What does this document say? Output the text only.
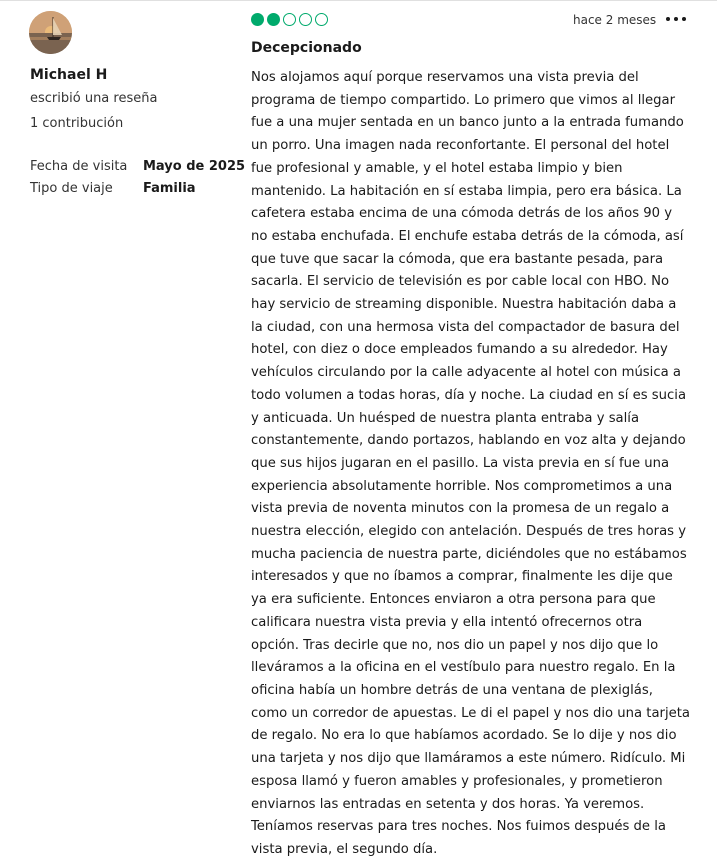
Michael H
escribió una reseña
1 contribución
Fecha de visita Mayo de 2025
Tipo de viaje Familia
hace 2 meses
Decepcionado
Nos alojamos aquí porque reservamos una vista previa del programa de tiempo compartido. Lo primero que vimos al llegar fue a una mujer sentada en un banco junto a la entrada fumando un porro. Una imagen nada reconfortante. El personal del hotel fue profesional y amable, y el hotel estaba limpio y bien mantenido. La habitación en sí estaba limpia, pero era básica. La cafetera estaba encima de una cómoda detrás de los años 90 y no estaba enchufada. El enchufe estaba detrás de la cómoda, así que tuve que sacar la cómoda, que era bastante pesada, para sacarla. El servicio de televisión es por cable local con HBO. No hay servicio de streaming disponible. Nuestra habitación daba a la ciudad, con una hermosa vista del compactador de basura del hotel, con diez o doce empleados fumando a su alrededor. Hay vehículos circulando por la calle adyacente al hotel con música a todo volumen a todas horas, día y noche. La ciudad en sí es sucia y anticuada. Un huésped de nuestra planta entraba y salía constantemente, dando portazos, hablando en voz alta y dejando que sus hijos jugaran en el pasillo. La vista previa en sí fue una experiencia absolutamente horrible. Nos comprometimos a una vista previa de noventa minutos con la promesa de un regalo a nuestra elección, elegido con antelación. Después de tres horas y mucha paciencia de nuestra parte, diciéndoles que no estábamos interesados y que no íbamos a comprar, finalmente les dije que ya era suficiente. Entonces enviaron a otra persona para que calificara nuestra vista previa y ella intentó ofrecernos otra opción. Tras decirle que no, nos dio un papel y nos dijo que lo lleváramos a la oficina en el vestíbulo para nuestro regalo. En la oficina había un hombre detrás de una ventana de plexiglás, como un corredor de apuestas. Le di el papel y nos dio una tarjeta de regalo. No era lo que habíamos acordado. Se lo dije y nos dio una tarjeta y nos dijo que llamáramos a este número. Ridículo. Mi esposa llamó y fueron amables y profesionales, y prometieron enviarnos las entradas en setenta y dos horas. Ya veremos. Teníamos reservas para tres noches. Nos fuimos después de la vista previa, el segundo día.
